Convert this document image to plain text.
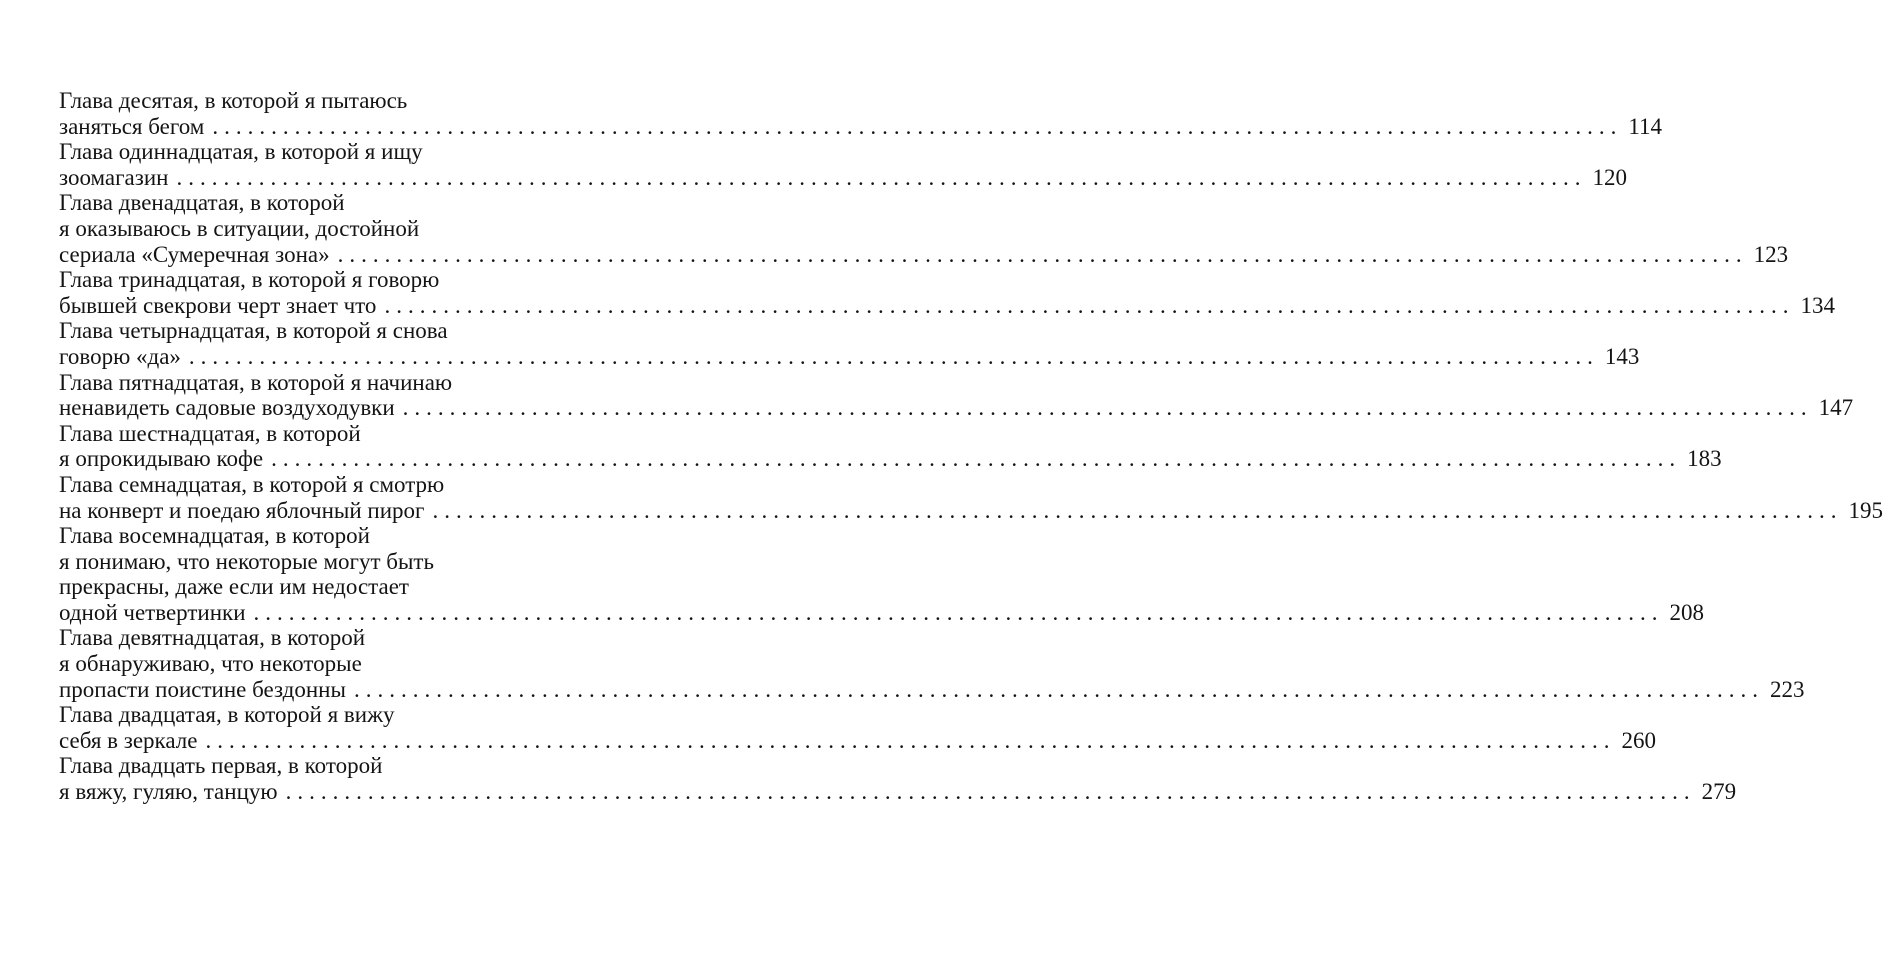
Глава десятая, в которой я пытаюсь
заняться бегом ........................................................................................................................ 114
Глава одиннадцатая, в которой я ищу
зоомагазин ........................................................................................................................ 120
Глава двенадцатая, в которой
я оказываюсь в ситуации, достойной
сериала «Сумеречная зона» ........................................................................................................................ 123
Глава тринадцатая, в которой я говорю
бывшей свекрови черт знает что ........................................................................................................................ 134
Глава четырнадцатая, в которой я снова
говорю «да» ........................................................................................................................ 143
Глава пятнадцатая, в которой я начинаю
ненавидеть садовые воздуходувки ........................................................................................................................ 147
Глава шестнадцатая, в которой
я опрокидываю кофе ........................................................................................................................ 183
Глава семнадцатая, в которой я смотрю
на конверт и поедаю яблочный пирог ........................................................................................................................ 195
Глава восемнадцатая, в которой
я понимаю, что некоторые могут быть
прекрасны, даже если им недостает
одной четвертинки ........................................................................................................................ 208
Глава девятнадцатая, в которой
я обнаруживаю, что некоторые
пропасти поистине бездонны ........................................................................................................................ 223
Глава двадцатая, в которой я вижу
себя в зеркале ........................................................................................................................ 260
Глава двадцать первая, в которой
я вяжу, гуляю, танцую ........................................................................................................................ 279
